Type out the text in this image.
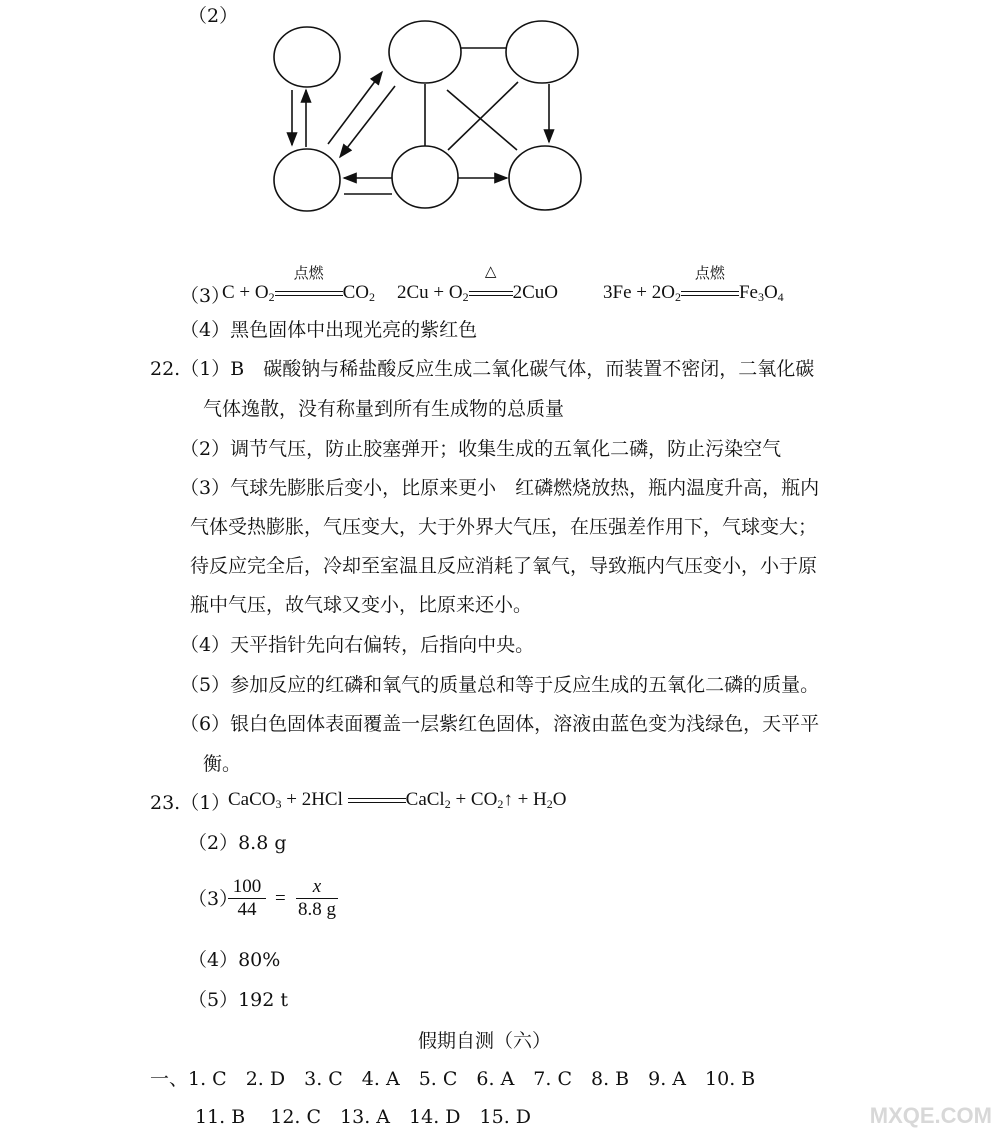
（2）
（3）
$C + O_2$
点燃
$CO_2$ $2Cu + O_2$
△
2CuO $3Fe + 2O_2$
点燃
$Fe_3O_4$
（4）黑色固体中出现光亮的紫红色
22.（1）B　碳酸钠与稀盐酸反应生成二氧化碳气体，而装置不密闭，二氧化碳
气体逸散，没有称量到所有生成物的总质量
（2）调节气压，防止胶塞弹开；收集生成的五氧化二磷，防止污染空气
（3）气球先膨胀后变小，比原来更小　红磷燃烧放热，瓶内温度升高，瓶内
气体受热膨胀，气压变大，大于外界大气压，在压强差作用下，气球变大；
待反应完全后，冷却至室温且反应消耗了氧气，导致瓶内气压变小，小于原
瓶中气压，故气球又变小，比原来还小。
（4）天平指针先向右偏转，后指向中央。
（5）参加反应的红磷和氧气的质量总和等于反应生成的五氧化二磷的质量。
（6）银白色固体表面覆盖一层紫红色固体，溶液由蓝色变为浅绿色，天平平
衡。
23.（1）
CaCO$_3$ + 2HCl	CaCl$_2$ + $CO_2↑ + H_2O$
（2）8.8 g
（3）
$\frac{100}{44} = \frac{x}{8.8 g}$
（4）80%
（5）192 t
假期自测（六）
一、1. C　2. D　3. C　4. A　5. C　6. A　7. C　8. B　9. A　10. B
11. B　 12. C　13. A　14. D　15. D	MXQE.COM
